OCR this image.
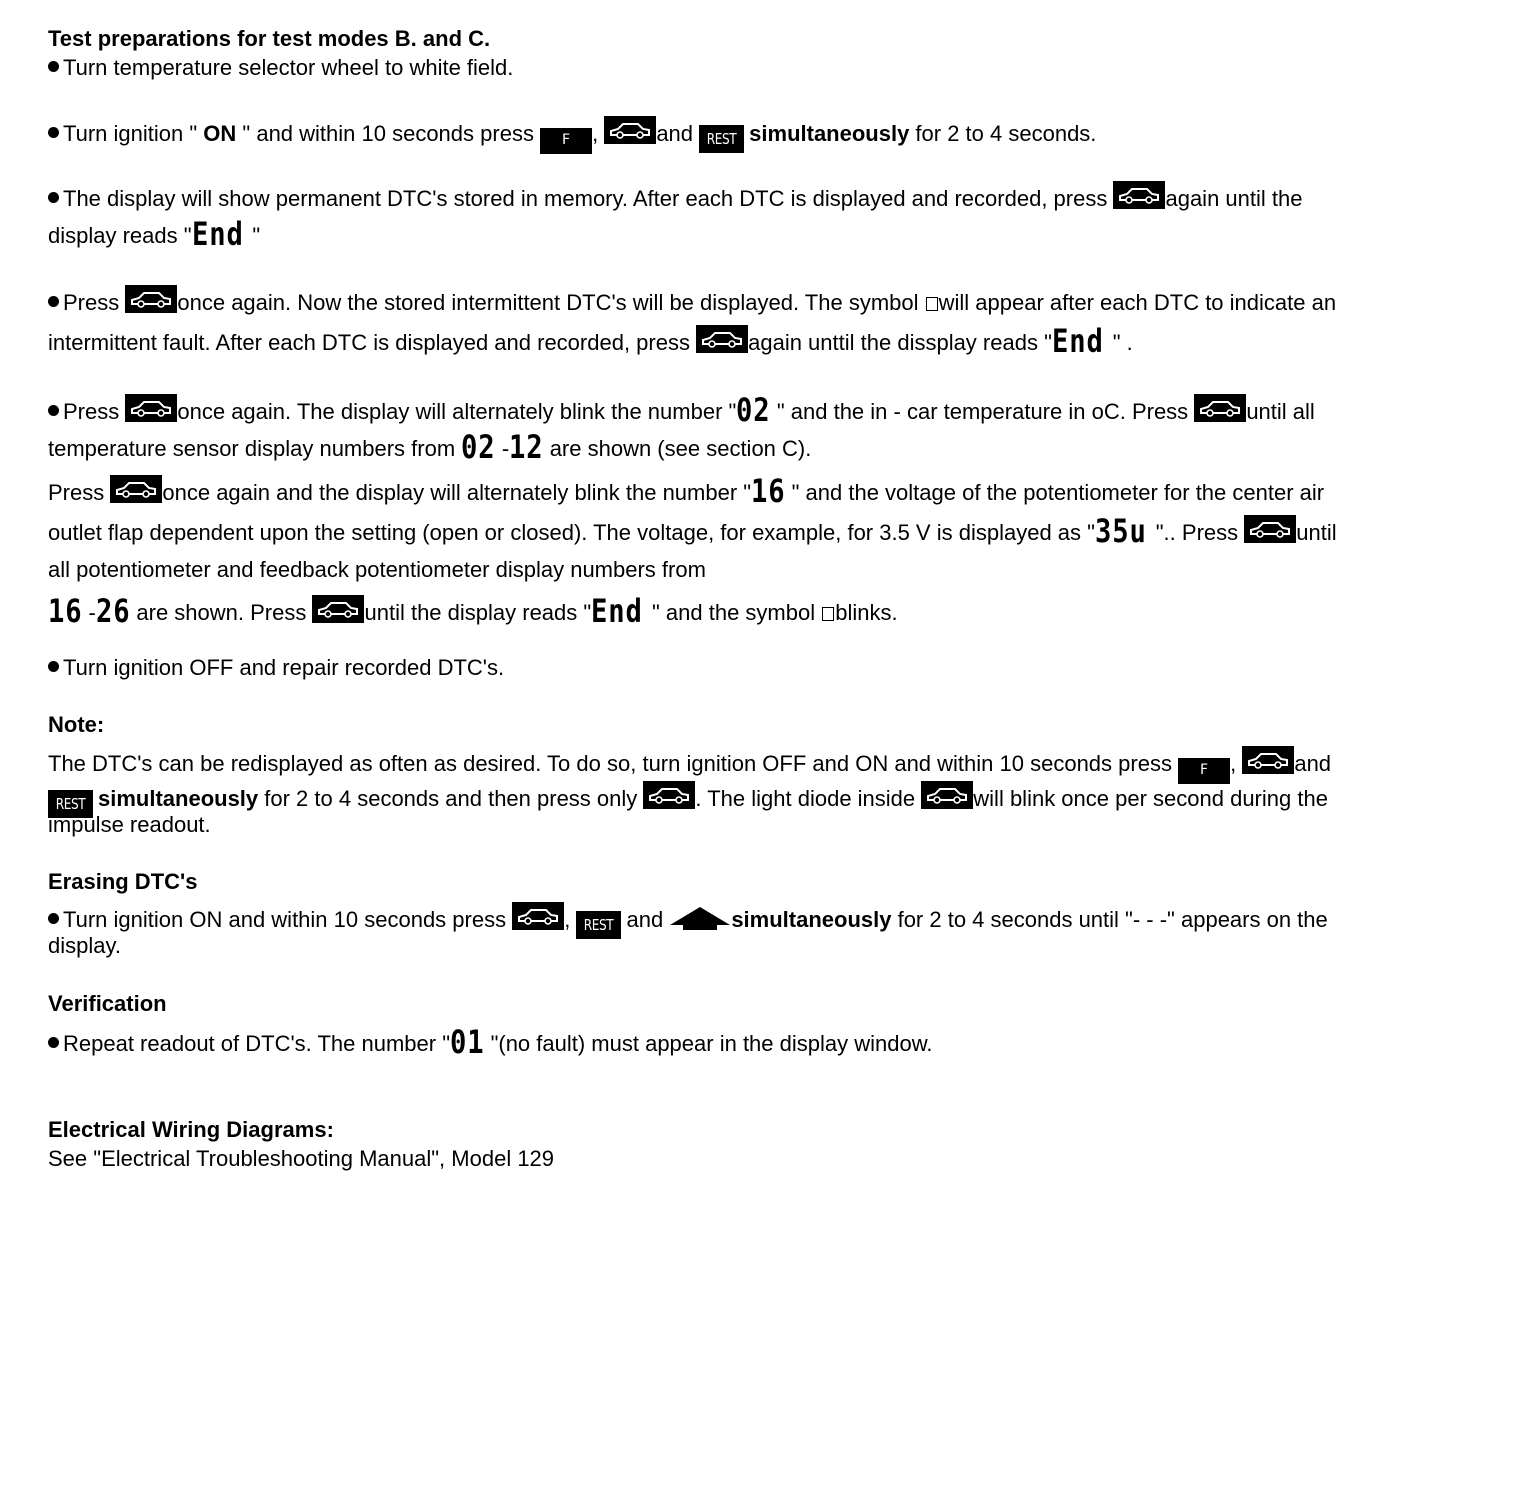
Test preparations for test modes B. and C.
Turn temperature selector wheel to white field.
Turn ignition " ON " and within 10 seconds press F ,	and REST simultaneously for 2 to 4 seconds.
The display will show permanent DTC's stored in memory. After each DTC is displayed and recorded, press	again until the
display reads "End "
Press	once again. Now the stored intermittent DTC's will be displayed. The symbol will appear after each DTC to indicate an
intermittent fault. After each DTC is displayed and recorded, press	again unttil the dissplay reads "End " .
Press	once again. The display will alternately blink the number "02 " and the in - car temperature in oC. Press	until all
temperature sensor display numbers from 02 -12 are shown (see section C).
Press	once again and the display will alternately blink the number "16 " and the voltage of the potentiometer for the center air
outlet flap dependent upon the setting (open or closed). The voltage, for example, for 3.5 V is displayed as "35u ".. Press	until
all potentiometer and feedback potentiometer display numbers from
16 -26 are shown. Press	until the display reads "End " and the symbol blinks.
Turn ignition OFF and repair recorded DTC's.
Note:
The DTC's can be redisplayed as often as desired. To do so, turn ignition OFF and ON and within 10 seconds press F ,	and
REST simultaneously for 2 to 4 seconds and then press only	. The light diode inside	will blink once per second during the
impulse readout.
Erasing DTC's
Turn ignition ON and within 10 seconds press	, REST and	simultaneously for 2 to 4 seconds until "- - -" appears on the
display.
Verification
Repeat readout of DTC's. The number "01 "(no fault) must appear in the display window.
Electrical Wiring Diagrams:
See "Electrical Troubleshooting Manual", Model 129
